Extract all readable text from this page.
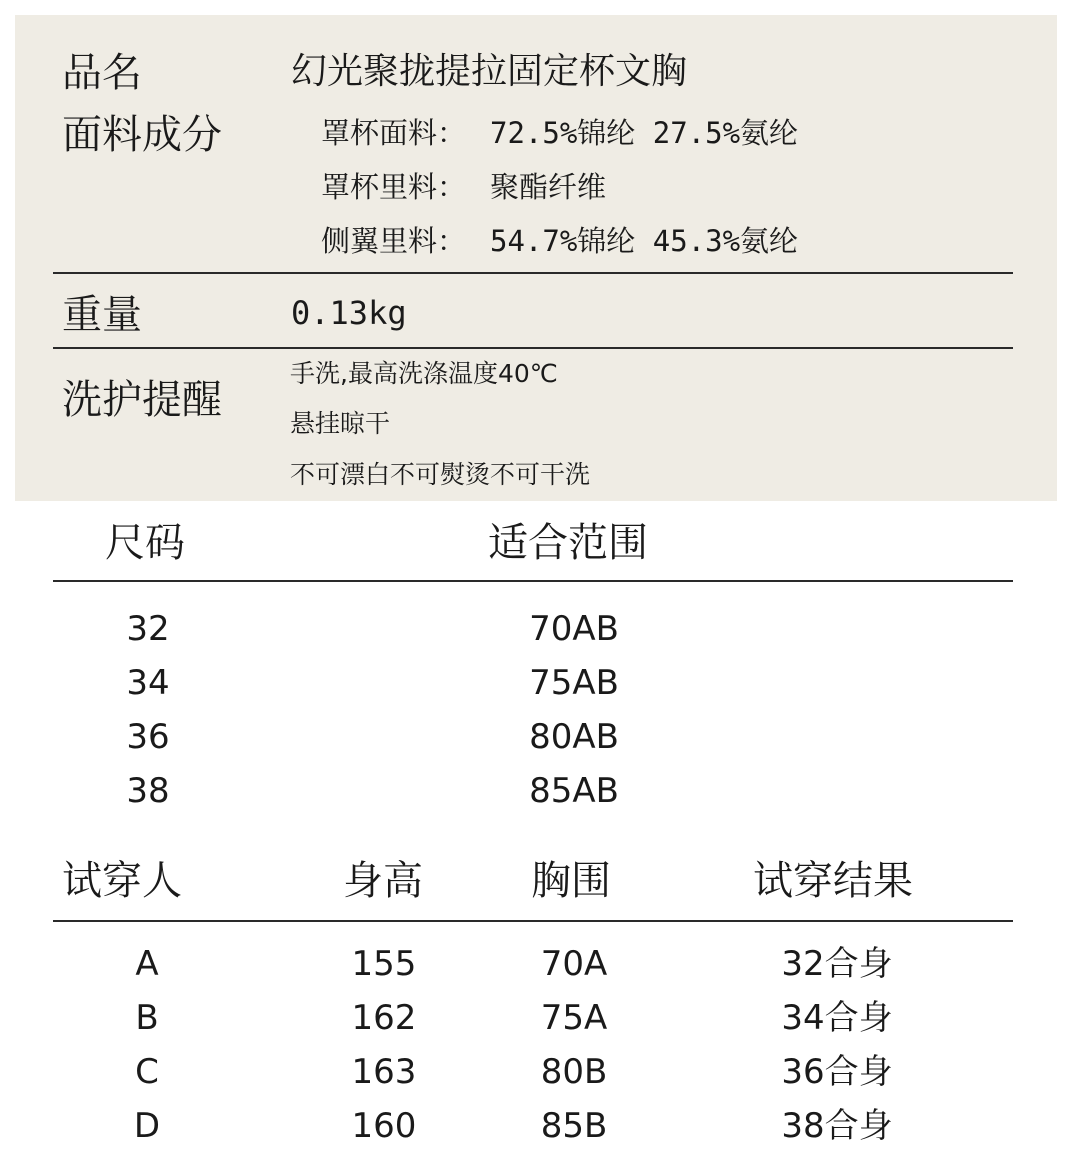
品名	幻光聚拢提拉固定杯文胸
面料成分	罩杯面料： 72.5%锦纶 27.5%氨纶
罩杯里料： 聚酯纤维
侧翼里料： 54.7%锦纶 45.3%氨纶
重量	0.13kg
洗护提醒
手洗,最高洗涤温度40℃
悬挂晾干
不可漂白不可熨烫不可干洗
尺码	适合范围
32	70AB
34	75AB
36	80AB
38	85AB
试穿人	身高	胸围	试穿结果
A	155	70A	32合身
B	162	75A	34合身
C	163	80B	36合身
D	160	85B	38合身
